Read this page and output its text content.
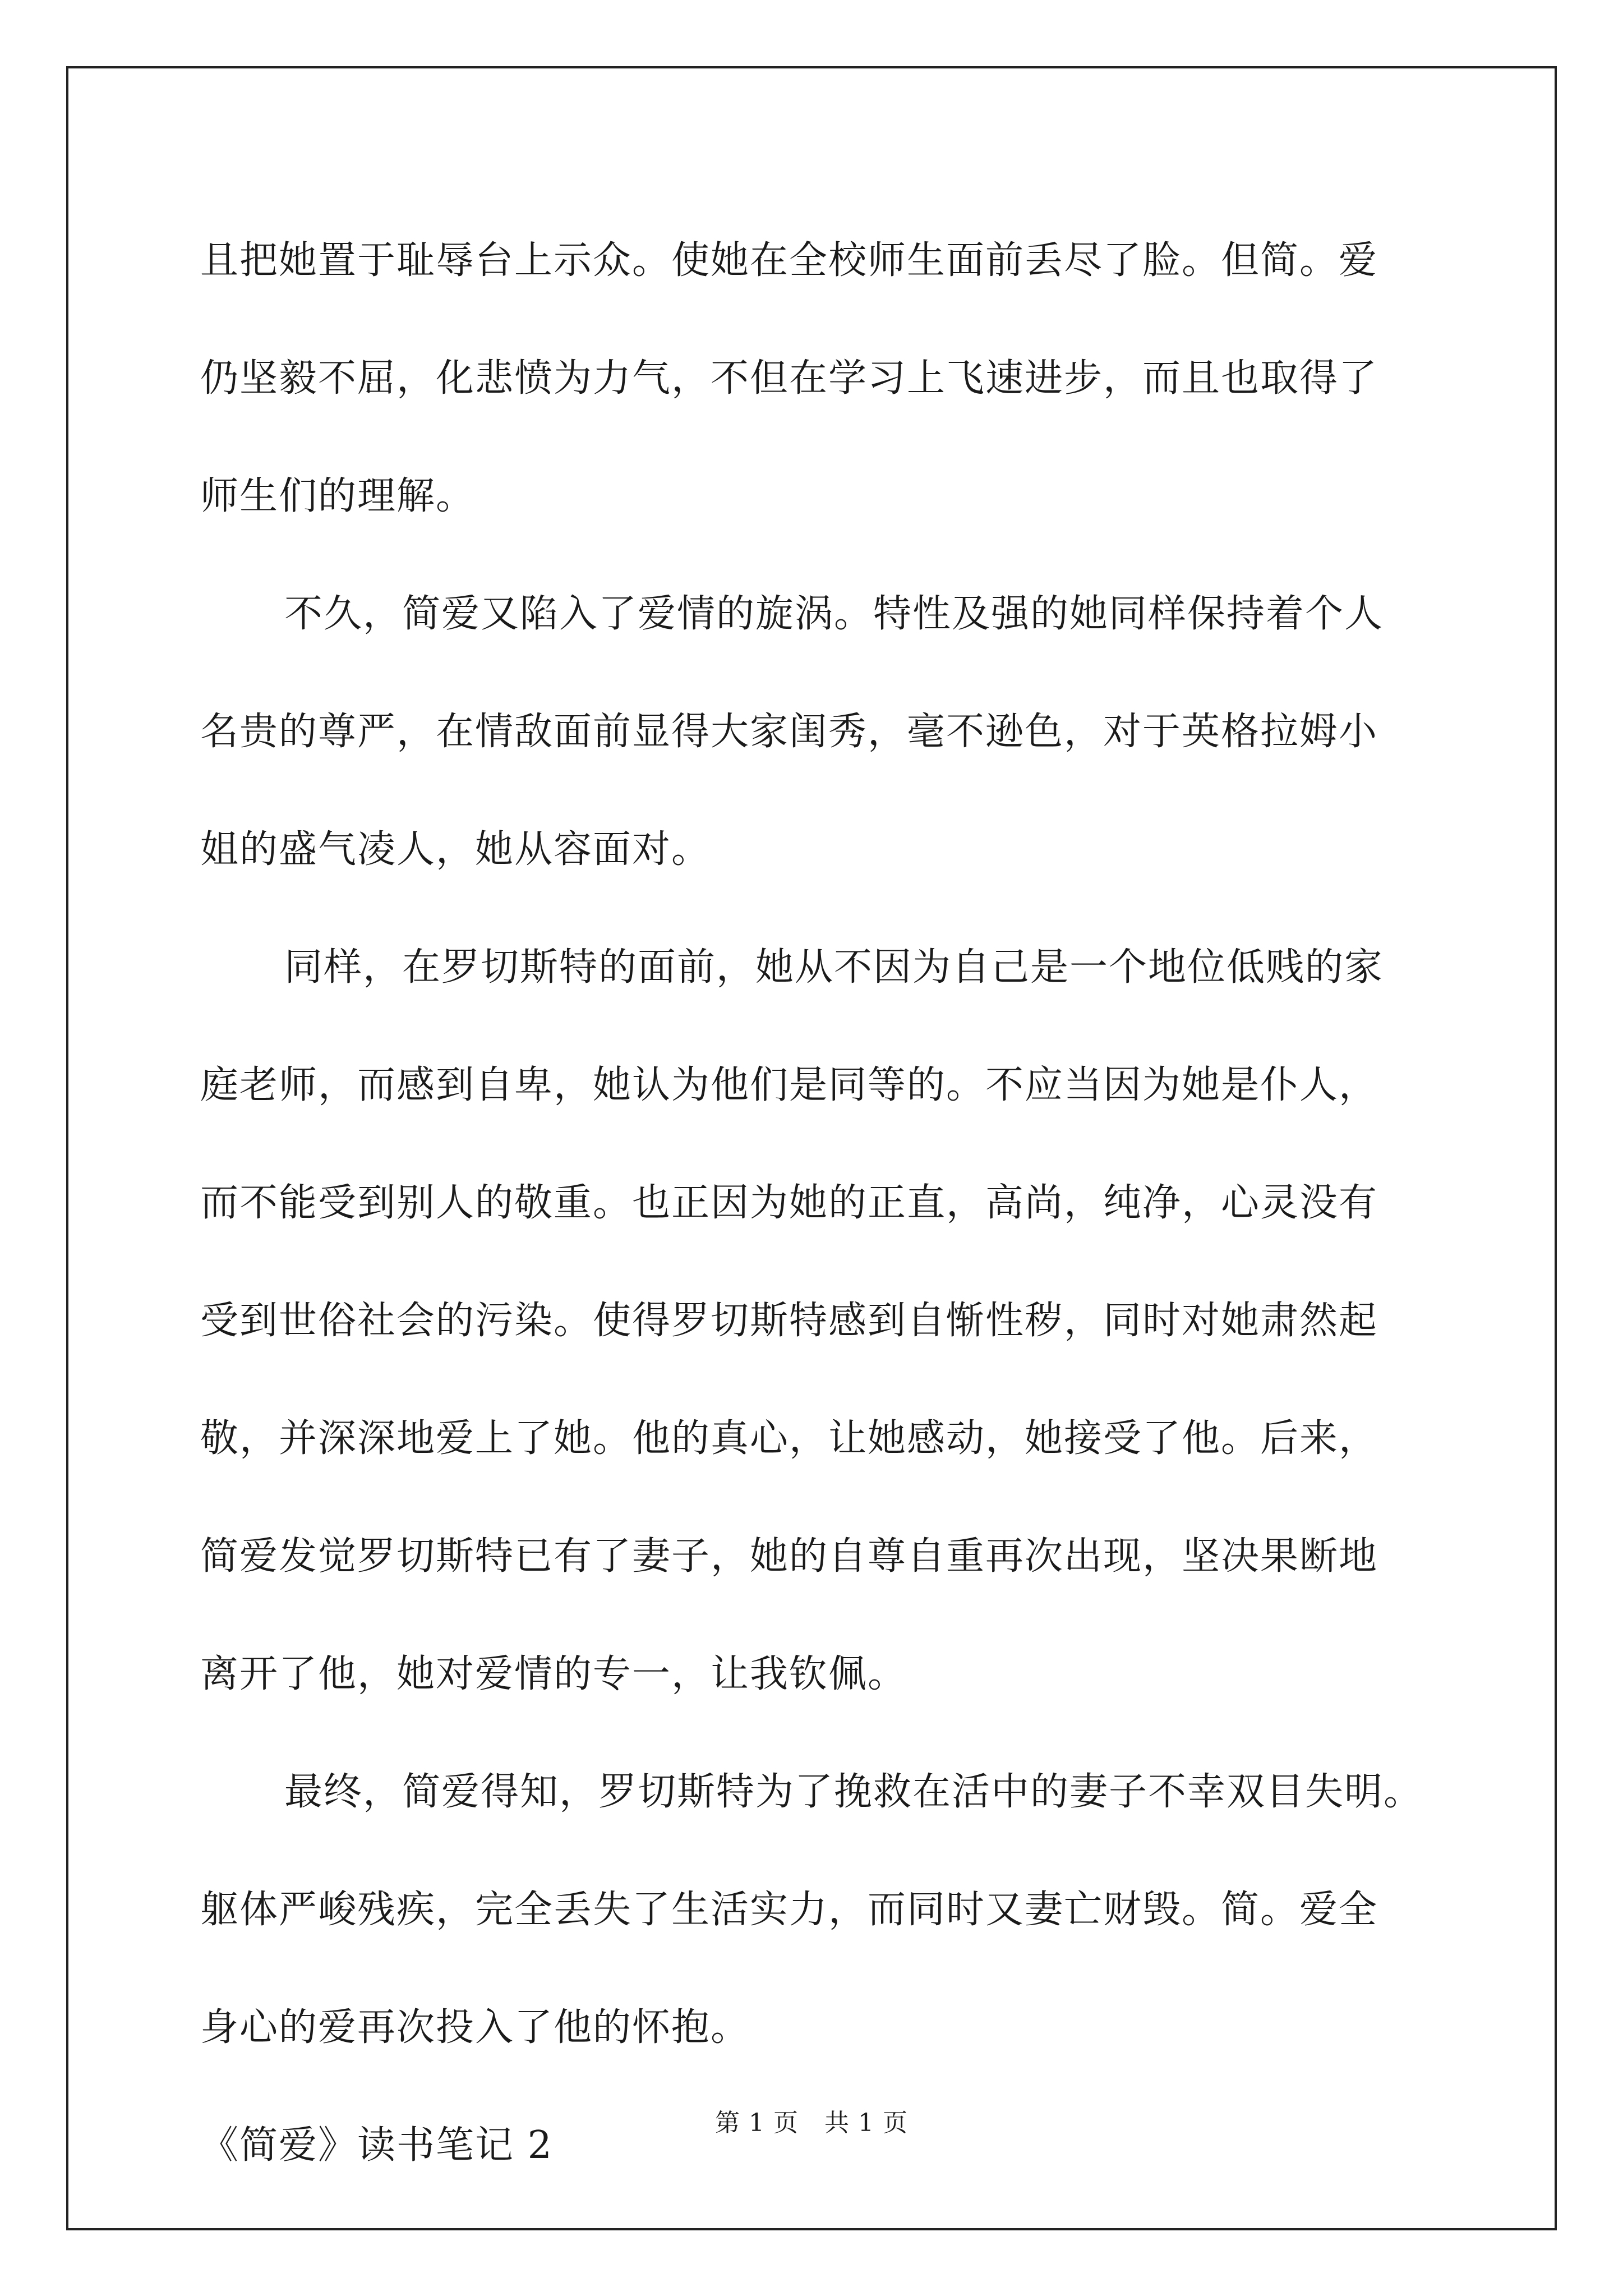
且把她置于耻辱台上示众。使她在全校师生面前丢尽了脸。但简。爱
仍坚毅不屈，化悲愤为力气，不但在学习上飞速进步，而且也取得了
师生们的理解。
不久，简爱又陷入了爱情的旋涡。特性及强的她同样保持着个人
名贵的尊严，在情敌面前显得大家闺秀，毫不逊色，对于英格拉姆小
姐的盛气凌人，她从容面对。
同样，在罗切斯特的面前，她从不因为自己是一个地位低贱的家
庭老师，而感到自卑，她认为他们是同等的。不应当因为她是仆人，
而不能受到别人的敬重。也正因为她的正直，高尚，纯净，心灵没有
受到世俗社会的污染。使得罗切斯特感到自惭性秽，同时对她肃然起
敬，并深深地爱上了她。他的真心，让她感动，她接受了他。后来，
简爱发觉罗切斯特已有了妻子，她的自尊自重再次出现，坚决果断地
离开了他，她对爱情的专一，让我钦佩。
最终，简爱得知，罗切斯特为了挽救在活中的妻子不幸双目失明。
躯体严峻残疾，完全丢失了生活实力，而同时又妻亡财毁。简。爱全
身心的爱再次投入了他的怀抱。
《简爱》读书笔记 2
第 1 页 共 1 页
